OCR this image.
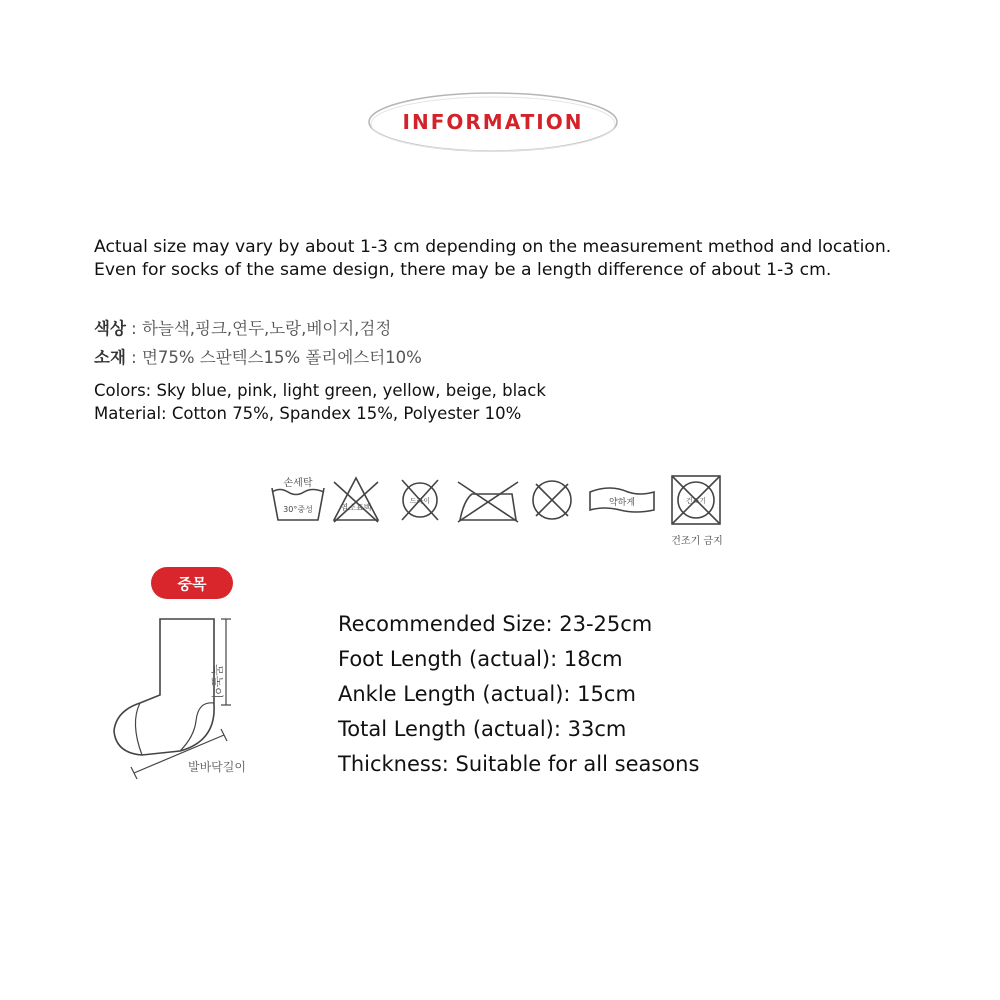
INFORMATION
Actual size may vary by about 1-3 cm depending on the measurement method and location. Even for socks of the same design, there may be a length difference of about 1-3 cm.
색상 : 하늘색,핑크,연두,노랑,베이지,검정
소재 : 면75% 스판텍스15% 폴리에스터10%
Colors: Sky blue, pink, light green, yellow, beige, black
Material: Cotton 75%, Spandex 15%, Polyester 10%
손세탁
30°중성	염소표백
드라이	약하게	건조기
건조기 금지
중목
목높이
발바닥길이
Recommended Size: 23-25cm
Foot Length (actual): 18cm
Ankle Length (actual): 15cm
Total Length (actual): 33cm
Thickness: Suitable for all seasons
